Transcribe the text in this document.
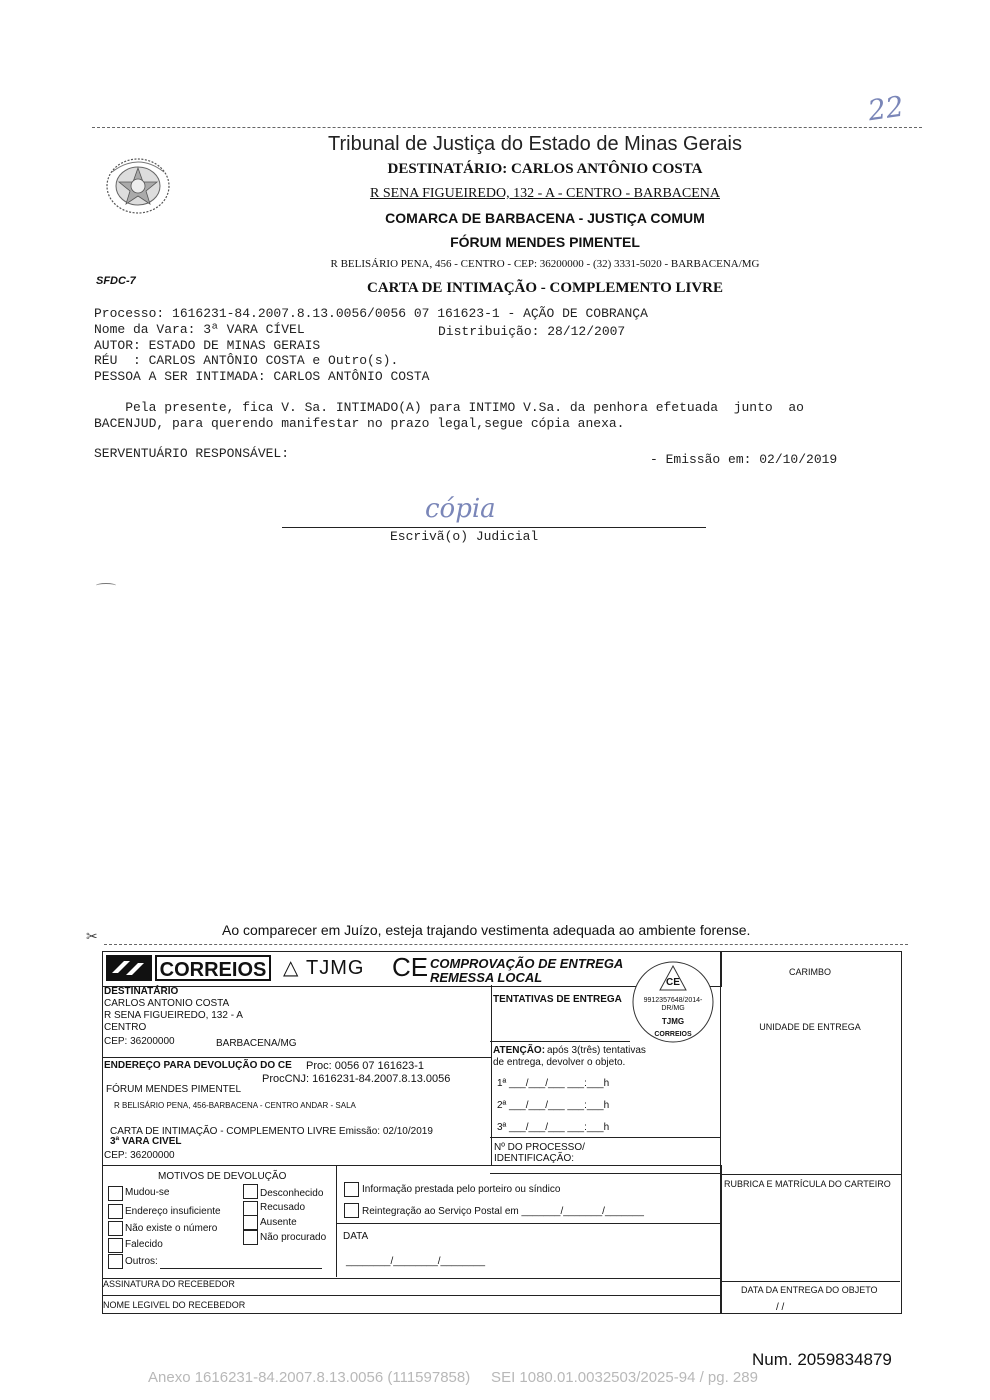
22
Tribunal de Justiça do Estado de Minas Gerais
DESTINATÁRIO: CARLOS ANTÔNIO COSTA
R SENA FIGUEIREDO, 132 - A - CENTRO - BARBACENA
COMARCA DE BARBACENA - JUSTIÇA COMUM
FÓRUM MENDES PIMENTEL
R BELISÁRIO PENA, 456 - CENTRO - CEP: 36200000 - (32) 3331-5020 - BARBACENA/MG
SFDC-7	CARTA DE INTIMAÇÃO - COMPLEMENTO LIVRE
Processo: 1616231-84.2007.8.13.0056/0056 07 161623-1 - AÇÃO DE COBRANÇA
Nome da Vara: 3ª VARA CÍVEL	Distribuição: 28/12/2007
AUTOR: ESTADO DE MINAS GERAIS
RÉU  : CARLOS ANTÔNIO COSTA e Outro(s).
PESSOA A SER INTIMADA: CARLOS ANTÔNIO COSTA
Pela presente, fica V. Sa. INTIMADO(A) para INTIMO V.Sa. da penhora efetuada  junto  ao
BACENJUD, para querendo manifestar no prazo legal,segue cópia anexa.
SERVENTUÁRIO RESPONSÁVEL:	- Emissão em: 02/10/2019
cópia
Escrivã(o) Judicial
Ao comparecer em Juízo, esteja trajando vestimenta adequada ao ambiente forense.
✂
CORREIOS △ TJMG CE COMPROVAÇÃO DE ENTREGA
REMESSA LOCAL	CE
9912357648/2014-DR/MG
TJMG
CORREIOS
CARIMBO
UNIDADE DE ENTREGA
DESTINATÁRIO
CARLOS ANTONIO COSTA
R SENA FIGUEIREDO, 132 - A
CENTRO
CEP: 36200000	BARBACENA/MG
TENTATIVAS DE ENTREGA
ATENÇÃO: após 3(três) tentativas
de entrega, devolver o objeto.
1ª ___/___/___ ___:___h
2ª ___/___/___ ___:___h
3ª ___/___/___ ___:___h
Nº DO PROCESSO/
IDENTIFICAÇÃO:
ENDEREÇO PARA DEVOLUÇÃO DO CE Proc: 0056 07 161623-1
ProcCNJ: 1616231-84.2007.8.13.0056
FÓRUM MENDES PIMENTEL
R BELISÁRIO PENA, 456-BARBACENA - CENTRO ANDAR - SALA
CARTA DE INTIMAÇÃO - COMPLEMENTO LIVRE Emissão: 02/10/2019
3ª VARA CIVEL
CEP: 36200000
MOTIVOS DE DEVOLUÇÃO
Mudou-se
Endereço insuficiente
Não existe o número
Falecido
Outros:
Desconhecido
Recusado
Ausente
Não procurado
Informação prestada pelo porteiro ou síndico
Reintegração ao Serviço Postal em _______/_______/_______
DATA
________/________/________
RUBRICA E MATRÍCULA DO CARTEIRO
ASSINATURA DO RECEBEDOR
NOME LEGIVEL DO RECEBEDOR
DATA DA ENTREGA DO OBJETO
/ /
Num. 2059834879
Anexo 1616231-84.2007.8.13.0056 (111597858)     SEI 1080.01.0032503/2025-94 / pg. 289
